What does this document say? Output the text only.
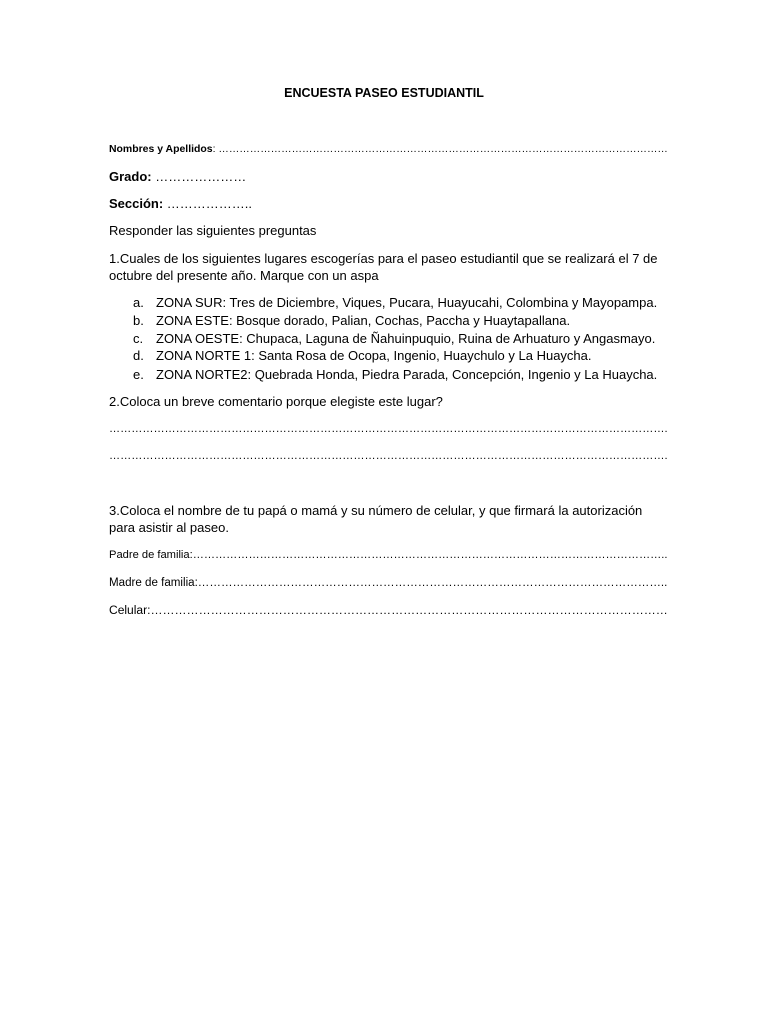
ENCUESTA PASEO ESTUDIANTIL
Nombres y Apellidos: …………………………………………………………………………………………………………………
Grado: …………………
Sección: ………………..
Responder las siguientes preguntas
1.Cuales de los siguientes lugares escogerías para el paseo estudiantil que se realizará el 7 de
octubre del presente año. Marque con un aspa
a. ZONA SUR: Tres de Diciembre, Viques, Pucara, Huayucahi, Colombina y Mayopampa.
b. ZONA ESTE: Bosque dorado, Palian, Cochas, Paccha y Huaytapallana.
c. ZONA OESTE: Chupaca, Laguna de Ñahuinpuquio, Ruina de Arhuaturo y Angasmayo.
d. ZONA NORTE 1: Santa Rosa de Ocopa, Ingenio, Huaychulo y La Huaycha.
e. ZONA NORTE2: Quebrada Honda, Piedra Parada, Concepción, Ingenio y La Huaycha.
2.Coloca un breve comentario porque elegiste este lugar?
…………………………………………………………………………………………………………………………………….
…………………………………………………………………………………………………………………………………….
3.Coloca el nombre de tu papá o mamá y su número de celular, y que firmará la autorización
para asistir al paseo.
Padre de familia:………………………………………………………………………………………………………………..
Madre de familia:…………………………………………………………………………………………………………..
Celular:…………………………………………………………………………………………………………………
